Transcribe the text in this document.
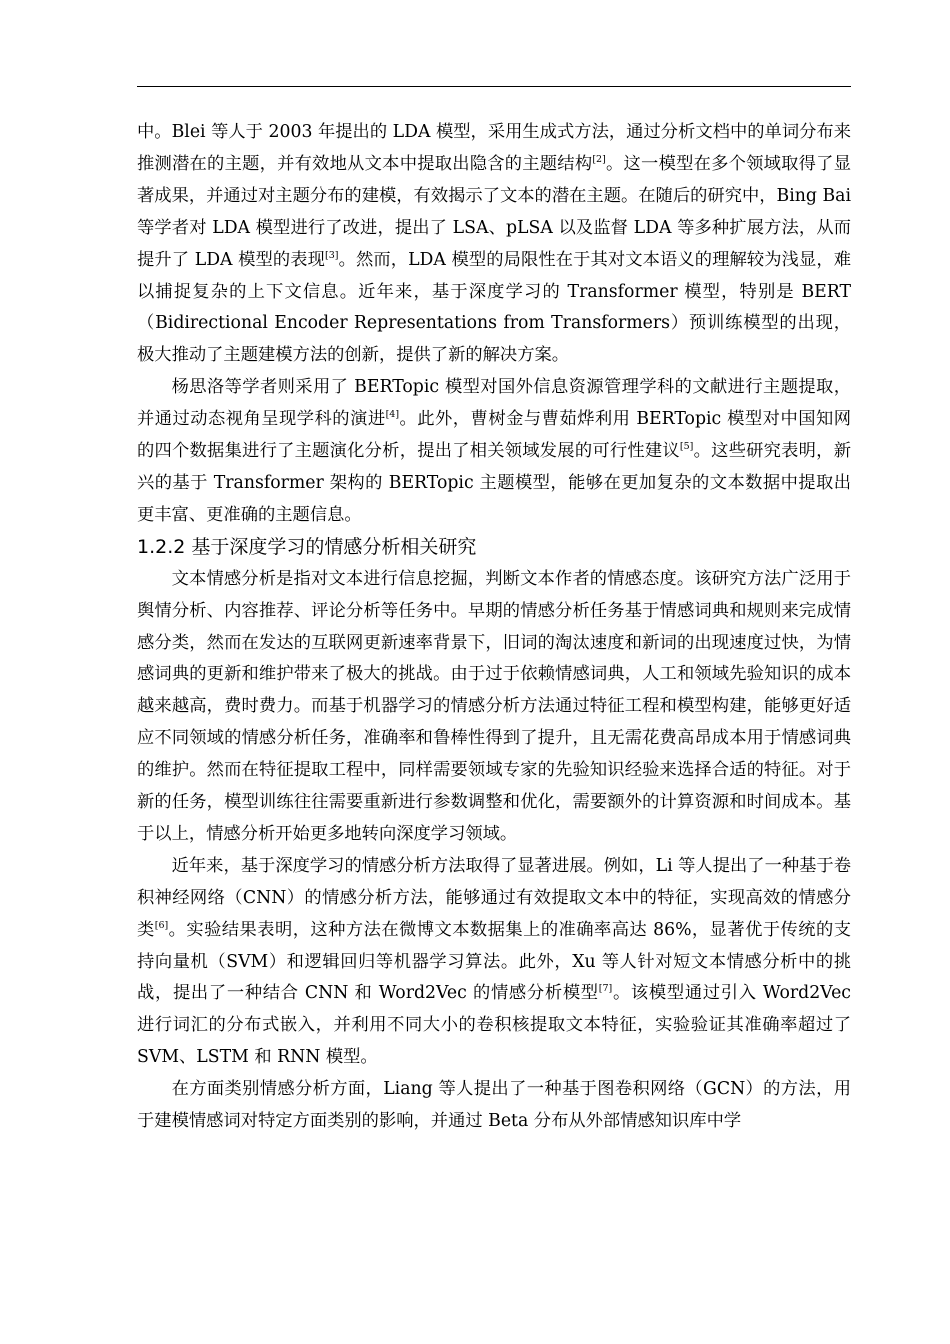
中。Blei 等人于 2003 年提出的 LDA 模型，采用生成式方法，通过分析文档中的单词分布来推测潜在的主题，并有效地从文本中提取出隐含的主题结构[2]。这一模型在多个领域取得了显著成果，并通过对主题分布的建模，有效揭示了文本的潜在主题。在随后的研究中，Bing Bai 等学者对 LDA 模型进行了改进，提出了 LSA、pLSA 以及监督 LDA 等多种扩展方法，从而提升了 LDA 模型的表现[3]。然而，LDA 模型的局限性在于其对文本语义的理解较为浅显，难以捕捉复杂的上下文信息。近年来，基于深度学习的 Transformer 模型，特别是 BERT（Bidirectional Encoder Representations from Transformers）预训练模型的出现，极大推动了主题建模方法的创新，提供了新的解决方案。

杨思洛等学者则采用了 BERTopic 模型对国外信息资源管理学科的文献进行主题提取，并通过动态视角呈现学科的演进[4]。此外，曹树金与曹茹烨利用 BERTopic 模型对中国知网的四个数据集进行了主题演化分析，提出了相关领域发展的可行性建议[5]。这些研究表明，新兴的基于 Transformer 架构的 BERTopic 主题模型，能够在更加复杂的文本数据中提取出更丰富、更准确的主题信息。

1.2.2 基于深度学习的情感分析相关研究

文本情感分析是指对文本进行信息挖掘，判断文本作者的情感态度。该研究方法广泛用于舆情分析、内容推荐、评论分析等任务中。早期的情感分析任务基于情感词典和规则来完成情感分类，然而在发达的互联网更新速率背景下，旧词的淘汰速度和新词的出现速度过快，为情感词典的更新和维护带来了极大的挑战。由于过于依赖情感词典，人工和领域先验知识的成本越来越高，费时费力。而基于机器学习的情感分析方法通过特征工程和模型构建，能够更好适应不同领域的情感分析任务，准确率和鲁棒性得到了提升，且无需花费高昂成本用于情感词典的维护。然而在特征提取工程中，同样需要领域专家的先验知识经验来选择合适的特征。对于新的任务，模型训练往往需要重新进行参数调整和优化，需要额外的计算资源和时间成本。基于以上，情感分析开始更多地转向深度学习领域。

近年来，基于深度学习的情感分析方法取得了显著进展。例如，Li 等人提出了一种基于卷积神经网络（CNN）的情感分析方法，能够通过有效提取文本中的特征，实现高效的情感分类[6]。实验结果表明，这种方法在微博文本数据集上的准确率高达 86%，显著优于传统的支持向量机（SVM）和逻辑回归等机器学习算法。此外，Xu 等人针对短文本情感分析中的挑战，提出了一种结合 CNN 和 Word2Vec 的情感分析模型[7]。该模型通过引入 Word2Vec 进行词汇的分布式嵌入，并利用不同大小的卷积核提取文本特征，实验验证其准确率超过了 SVM、LSTM 和 RNN 模型。

在方面类别情感分析方面，Liang 等人提出了一种基于图卷积网络（GCN）的方法，用于建模情感词对特定方面类别的影响，并通过 Beta 分布从外部情感知识库中学
